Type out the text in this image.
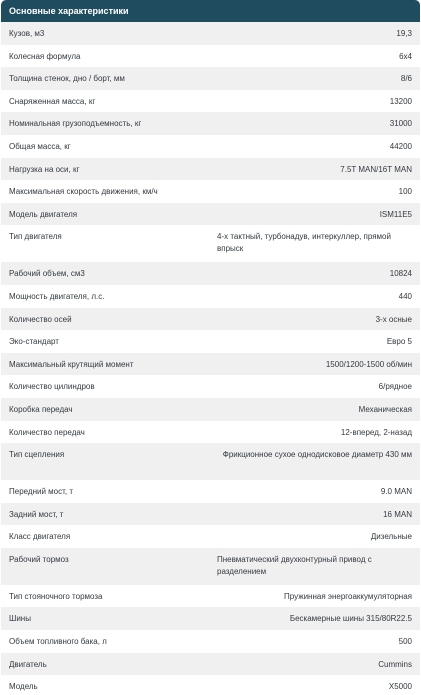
Основные характеристики
Кузов, м3	19,3
Колесная формула	6x4
Толщина стенок, дно / борт, мм	8/6
Снаряженная масса, кг	13200
Номинальная грузоподъемность, кг	31000
Общая масса, кг	44200
Нагрузка на оси, кг	7.5T MAN/16T MAN
Максимальная скорость движения, км/ч	100
Модель двигателя	ISM11E5
Тип двигателя	4-х тактный, турбонадув, интеркуллер, прямой впрыск
Рабочий объем, см3	10824
Мощность двигателя, л.с.	440
Количество осей	3-х осные
Эко-стандарт	Евро 5
Максимальный крутящий момент	1500/1200-1500 об/мин
Количество цилиндров	6/рядное
Коробка передач	Механическая
Количество передач	12-вперед, 2-назад
Тип сцепления	Фрикционное сухое однодисковое диаметр 430 мм
Передний мост, т	9.0 MAN
Задний мост, т	16 MAN
Класс двигателя	Дизельные
Рабочий тормоз	Пневматический двухконтурный привод с разделением
Тип стояночного тормоза	Пружинная энергоаккумуляторная
Шины	Бескамерные шины 315/80R22.5
Объем топливного бака, л	500
Двигатель	Cummins
Модель	X5000
